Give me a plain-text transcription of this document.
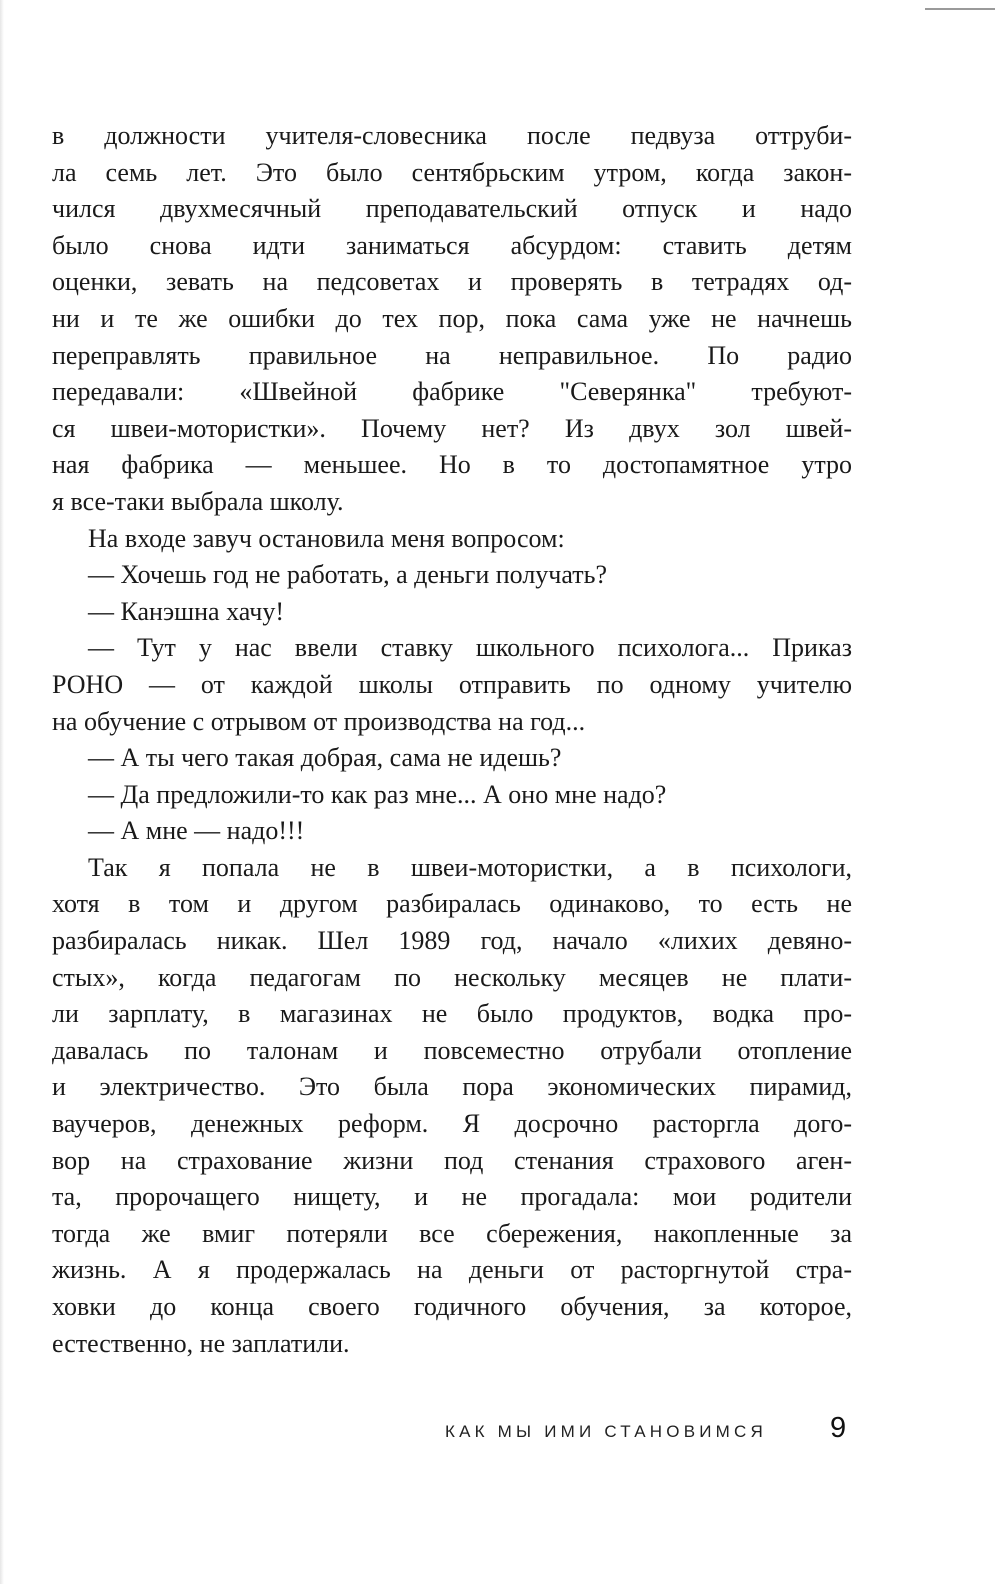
в должности учителя-словесника после педвуза оттруби-
ла семь лет. Это было сентябрьским утром, когда закон-
чился двухмесячный преподавательский отпуск и надо
было снова идти заниматься абсурдом: ставить детям
оценки, зевать на педсоветах и проверять в тетрадях од-
ни и те же ошибки до тех пор, пока сама уже не начнешь
переправлять правильное на неправильное. По радио
передавали: «Швейной фабрике "Северянка" требуют-
ся швеи-мотористки». Почему нет? Из двух зол швей-
ная фабрика — меньшее. Но в то достопамятное утро
я все-таки выбрала школу.
На входе завуч остановила меня вопросом:
— Хочешь год не работать, а деньги получать?
— Канэшна хачу!
— Тут у нас ввели ставку школьного психолога... Приказ
РОНО — от каждой школы отправить по одному учителю
на обучение с отрывом от производства на год...
— А ты чего такая добрая, сама не идешь?
— Да предложили-то как раз мне... А оно мне надо?
— А мне — надо!!!
Так я попала не в швеи-мотористки, а в психологи,
хотя в том и другом разбиралась одинаково, то есть не
разбиралась никак. Шел 1989 год, начало «лихих девяно-
стых», когда педагогам по нескольку месяцев не плати-
ли зарплату, в магазинах не было продуктов, водка про-
давалась по талонам и повсеместно отрубали отопление
и электричество. Это была пора экономических пирамид,
ваучеров, денежных реформ. Я досрочно расторгла дого-
вор на страхование жизни под стенания страхового аген-
та, пророчащего нищету, и не прогадала: мои родители
тогда же вмиг потеряли все сбережения, накопленные за
жизнь. А я продержалась на деньги от расторгнутой стра-
ховки до конца своего годичного обучения, за которое,
естественно, не заплатили.
КАК МЫ ИМИ СТАНОВИМСЯ 9
